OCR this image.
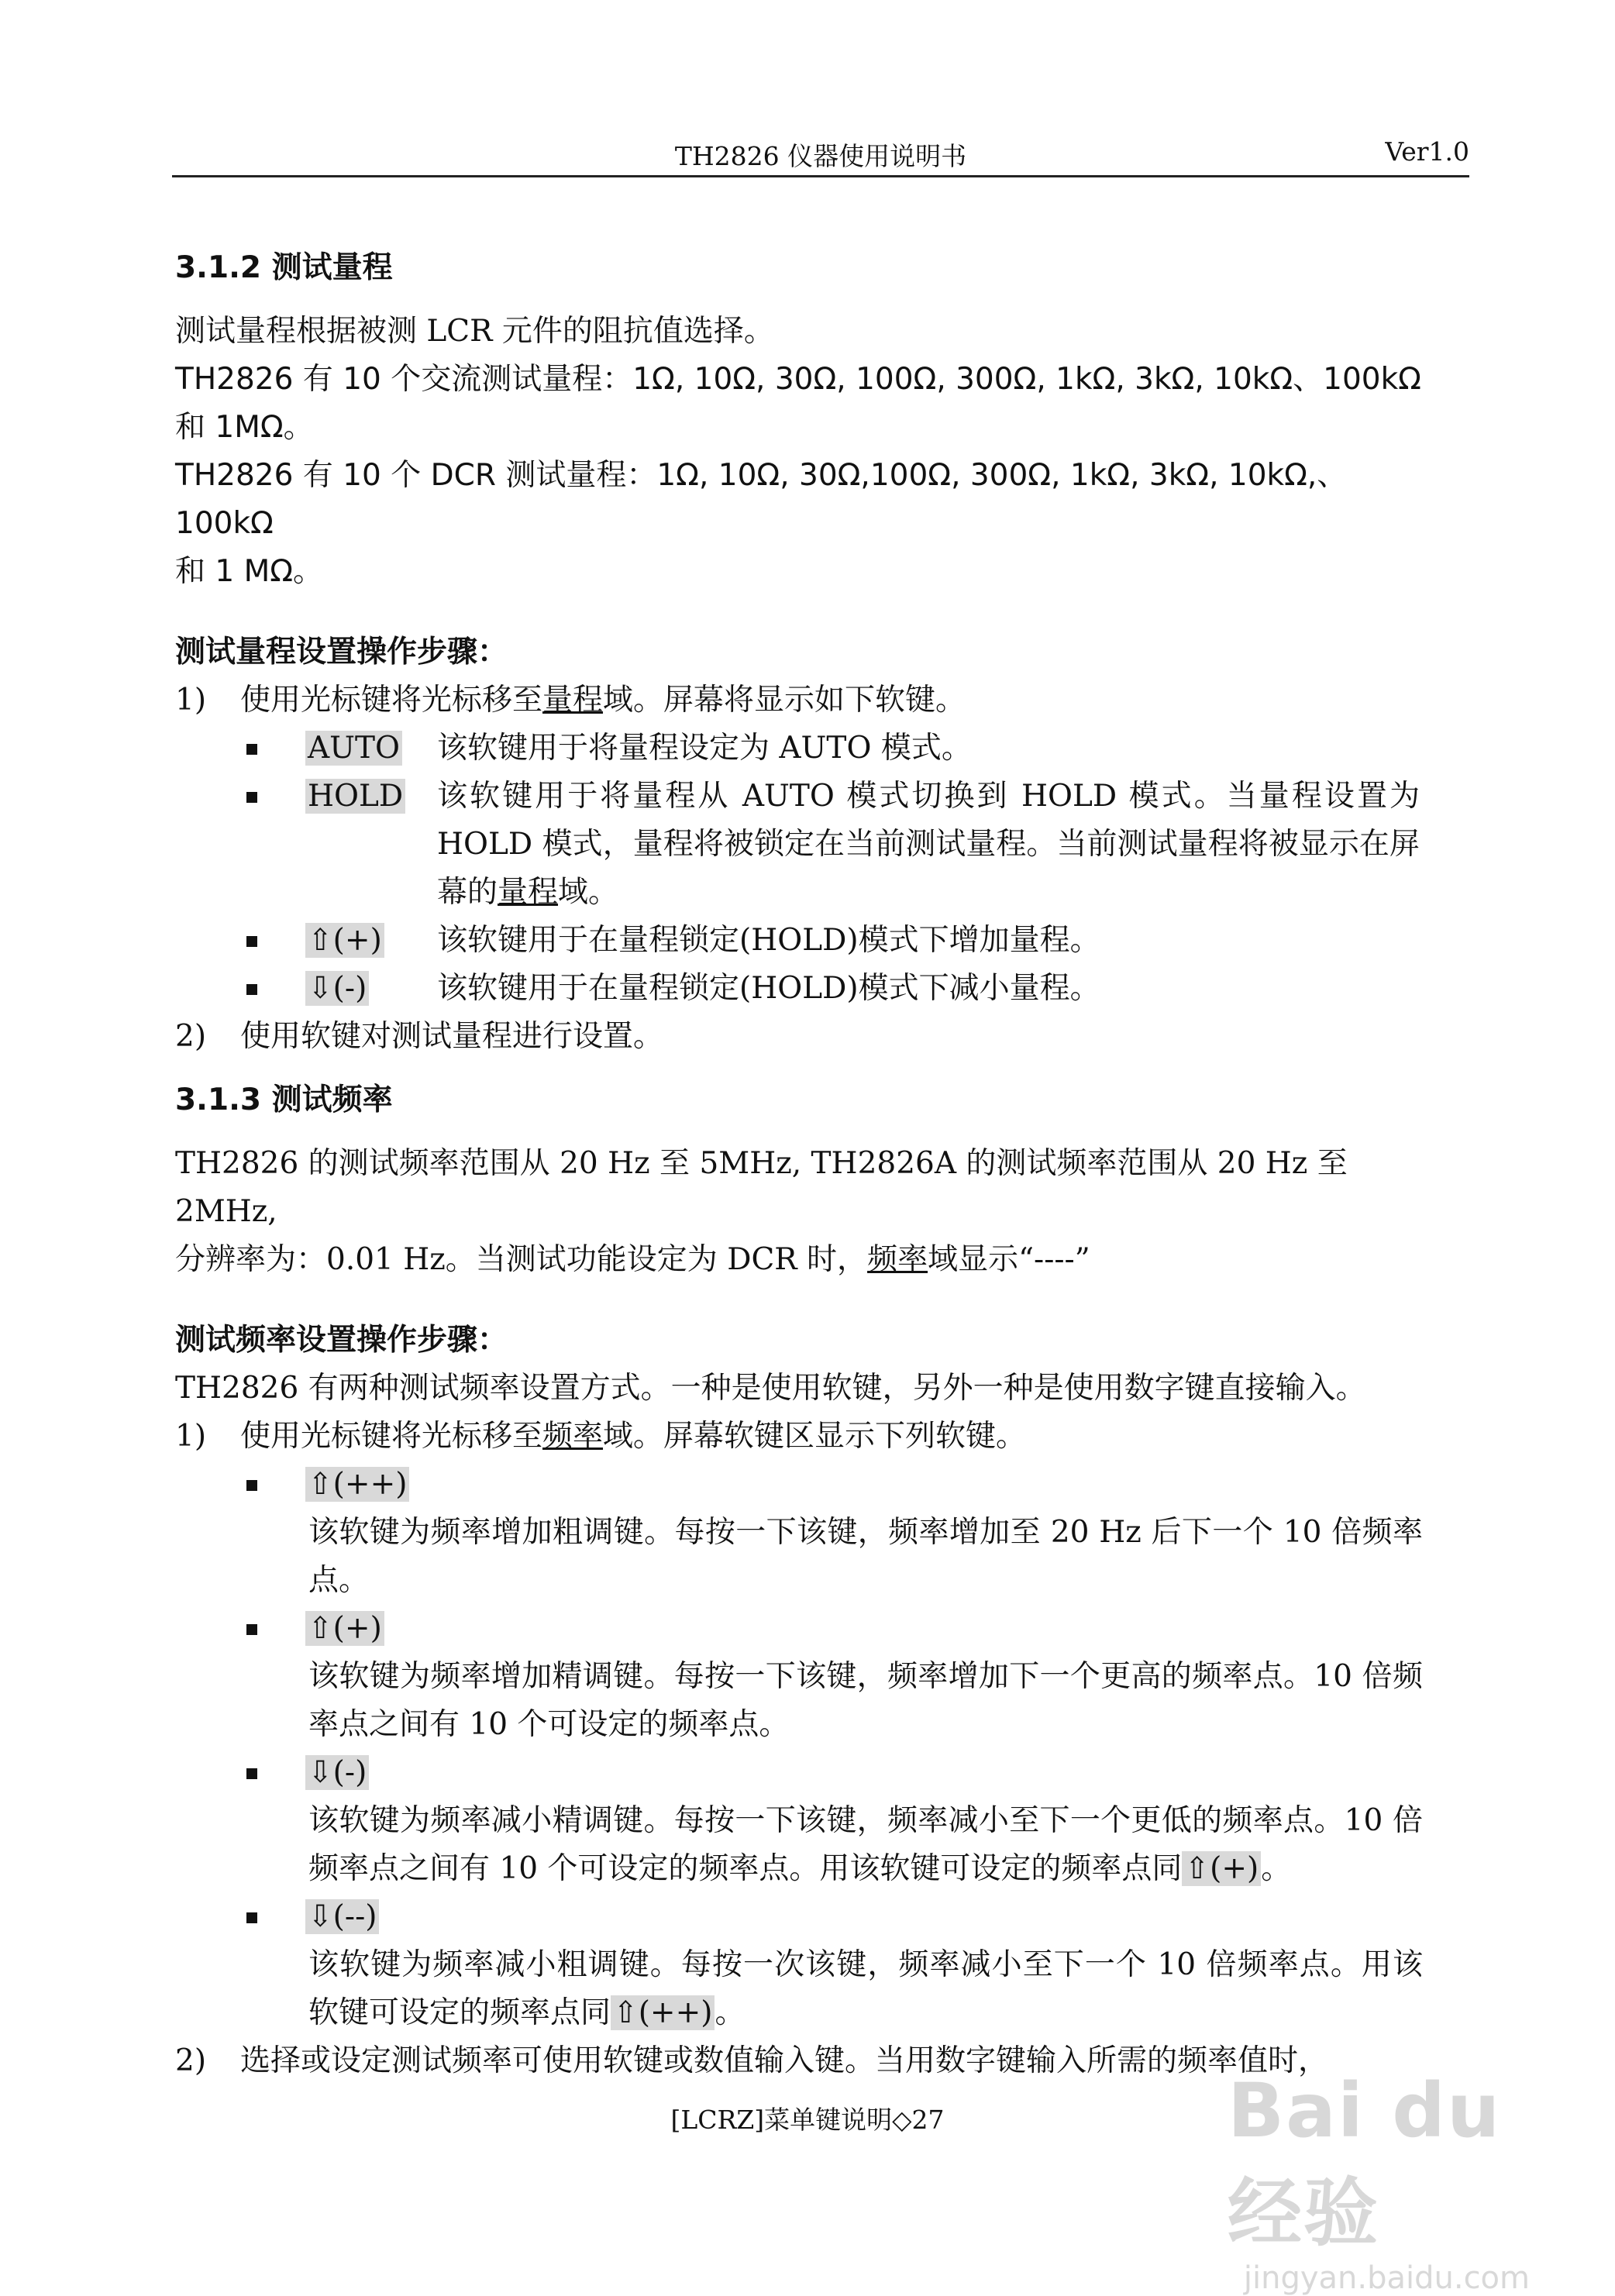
TH2826 仪器使用说明书	Ver1.0
3.1.2 测试量程
测试量程根据被测 LCR 元件的阻抗值选择。
TH2826 有 10 个交流测试量程：1Ω, 10Ω, 30Ω, 100Ω, 300Ω, 1kΩ, 3kΩ, 10kΩ、100kΩ
和 1MΩ。
TH2826 有 10 个 DCR 测试量程：1Ω, 10Ω, 30Ω,100Ω, 300Ω, 1kΩ, 3kΩ, 10kΩ,、100kΩ
和 1 MΩ。
测试量程设置操作步骤：
1) 使用光标键将光标移至量程域。屏幕将显示如下软键。
AUTO 该软键用于将量程设定为 AUTO 模式。
HOLD 该软键用于将量程从 AUTO 模式切换到 HOLD 模式。当量程设置为 HOLD 模式，量程将被锁定在当前测试量程。当前测试量程将被显示在屏幕的量程域。
⇧(+) 该软键用于在量程锁定(HOLD)模式下增加量程。
⇩(-) 该软键用于在量程锁定(HOLD)模式下减小量程。
2) 使用软键对测试量程进行设置。
3.1.3 测试频率
TH2826 的测试频率范围从 20 Hz 至 5MHz, TH2826A 的测试频率范围从 20 Hz 至 2MHz,
分辨率为：0.01 Hz。当测试功能设定为 DCR 时，频率域显示“----”
测试频率设置操作步骤：
TH2826 有两种测试频率设置方式。一种是使用软键，另外一种是使用数字键直接输入。
1) 使用光标键将光标移至频率域。屏幕软键区显示下列软键。
⇧(++)
该软键为频率增加粗调键。每按一下该键，频率增加至 20 Hz 后下一个 10 倍频率点。
⇧(+)
该软键为频率增加精调键。每按一下该键，频率增加下一个更高的频率点。10 倍频率点之间有 10 个可设定的频率点。
⇩(-)
该软键为频率减小精调键。每按一下该键，频率减小至下一个更低的频率点。10 倍频率点之间有 10 个可设定的频率点。用该软键可设定的频率点同⇧(+)。
⇩(--)
该软键为频率减小粗调键。每按一次该键，频率减小至下一个 10 倍频率点。用该软键可设定的频率点同⇧(++)。
2) 选择或设定测试频率可使用软键或数值输入键。当用数字键输入所需的频率值时，
[LCRZ]菜单键说明◇27	Bai du 经验
jingyan.baidu.com
